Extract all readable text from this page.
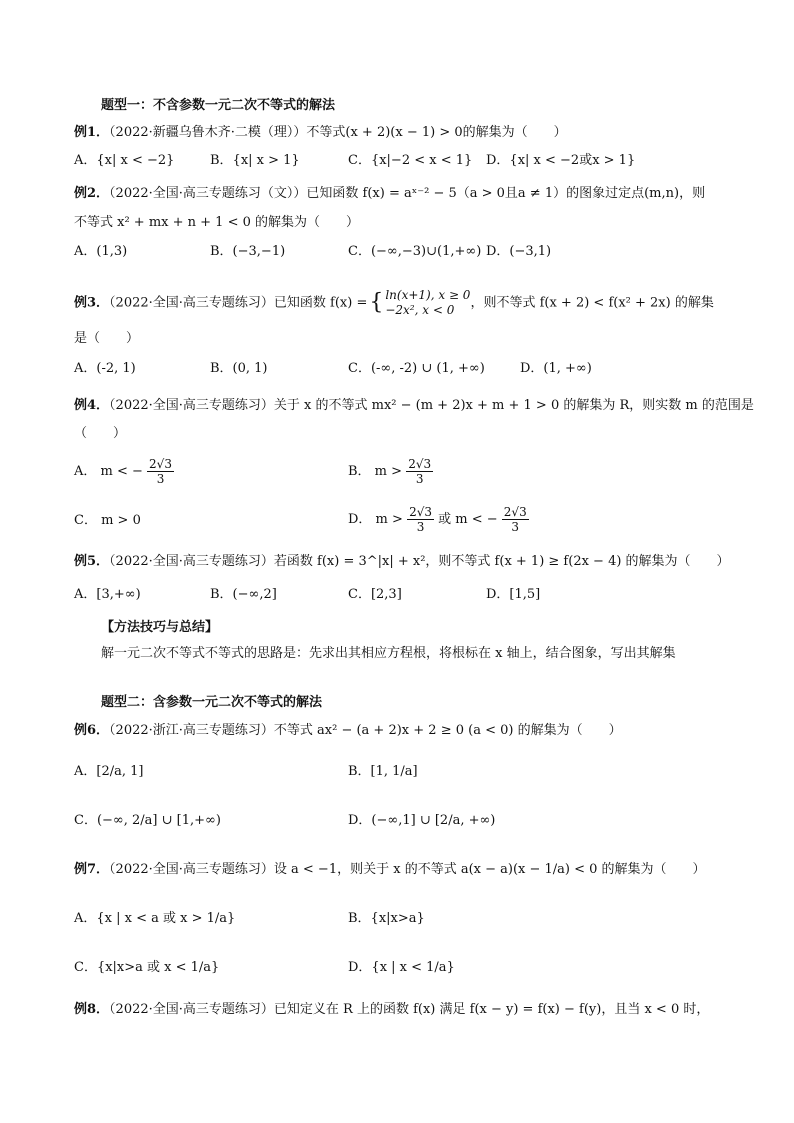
题型一：不含参数一元二次不等式的解法
例1．（2022·新疆乌鲁木齐·二模（理））不等式(x + 2)(x − 1) > 0的解集为（　　）
A．{x| x < −2}	B．{x| x > 1}	C．{x|−2 < x < 1} D．{x| x < −2或x > 1}
例2．（2022·全国·高三专题练习（文））已知函数 f(x) = aˣ⁻² − 5（a > 0且a ≠ 1）的图象过定点(m,n)，则
不等式 x² + mx + n + 1 < 0 的解集为（　　）
A．(1,3)	B．(−3,−1)	C．(−∞,−3)∪(1,+∞) D．(−3,1)
例3．（2022·全国·高三专题练习）已知函数 f(x) ={ ln(x+1), x ≥ 0
−2x², x < 0	，则不等式 f(x + 2) < f(x² + 2x) 的解集
是（　　）
A．(-2, 1)	B．(0, 1)	C．(-∞, -2) ∪ (1, +∞)	D．(1, +∞)
例4．（2022·全国·高三专题练习）关于 x 的不等式 mx² − (m + 2)x + m + 1 > 0 的解集为 R，则实数 m 的范围是
（　　）
A． m < − $\frac{2√3}{3}$	B． $m > \frac{2√3}{3}$
C． m > 0	D． $m > \frac{2√3}{3}$ 或 m < − $\frac{2√3}{3}$
例5．（2022·全国·高三专题练习）若函数 f(x) = 3^|x| + x²，则不等式 f(x + 1) ≥ f(2x − 4) 的解集为（　　）
A．[3,+∞)	B．(−∞,2]	C．[2,3]	D．[1,5]
【方法技巧与总结】
解一元二次不等式不等式的思路是：先求出其相应方程根，将根标在 x 轴上，结合图象，写出其解集
题型二：含参数一元二次不等式的解法
例6．（2022·浙江·高三专题练习）不等式 ax² − (a + 2)x + 2 ≥ 0 (a < 0) 的解集为（　　）
A．[2/a, 1]	B．[1, 1/a]
C．(−∞, 2/a] ∪ [1,+∞)	D．(−∞,1] ∪ [2/a, +∞)
例7．（2022·全国·高三专题练习）设 a < −1，则关于 x 的不等式 a(x − a)(x − 1/a) < 0 的解集为（　　）
A．{x | x < a 或 x > 1/a}	B．{x|x>a}
C．{x|x>a 或 x < 1/a}	D．{x | x < 1/a}
例8．（2022·全国·高三专题练习）已知定义在 R 上的函数 f(x) 满足 f(x − y) = f(x) − f(y)，且当 x < 0 时，
